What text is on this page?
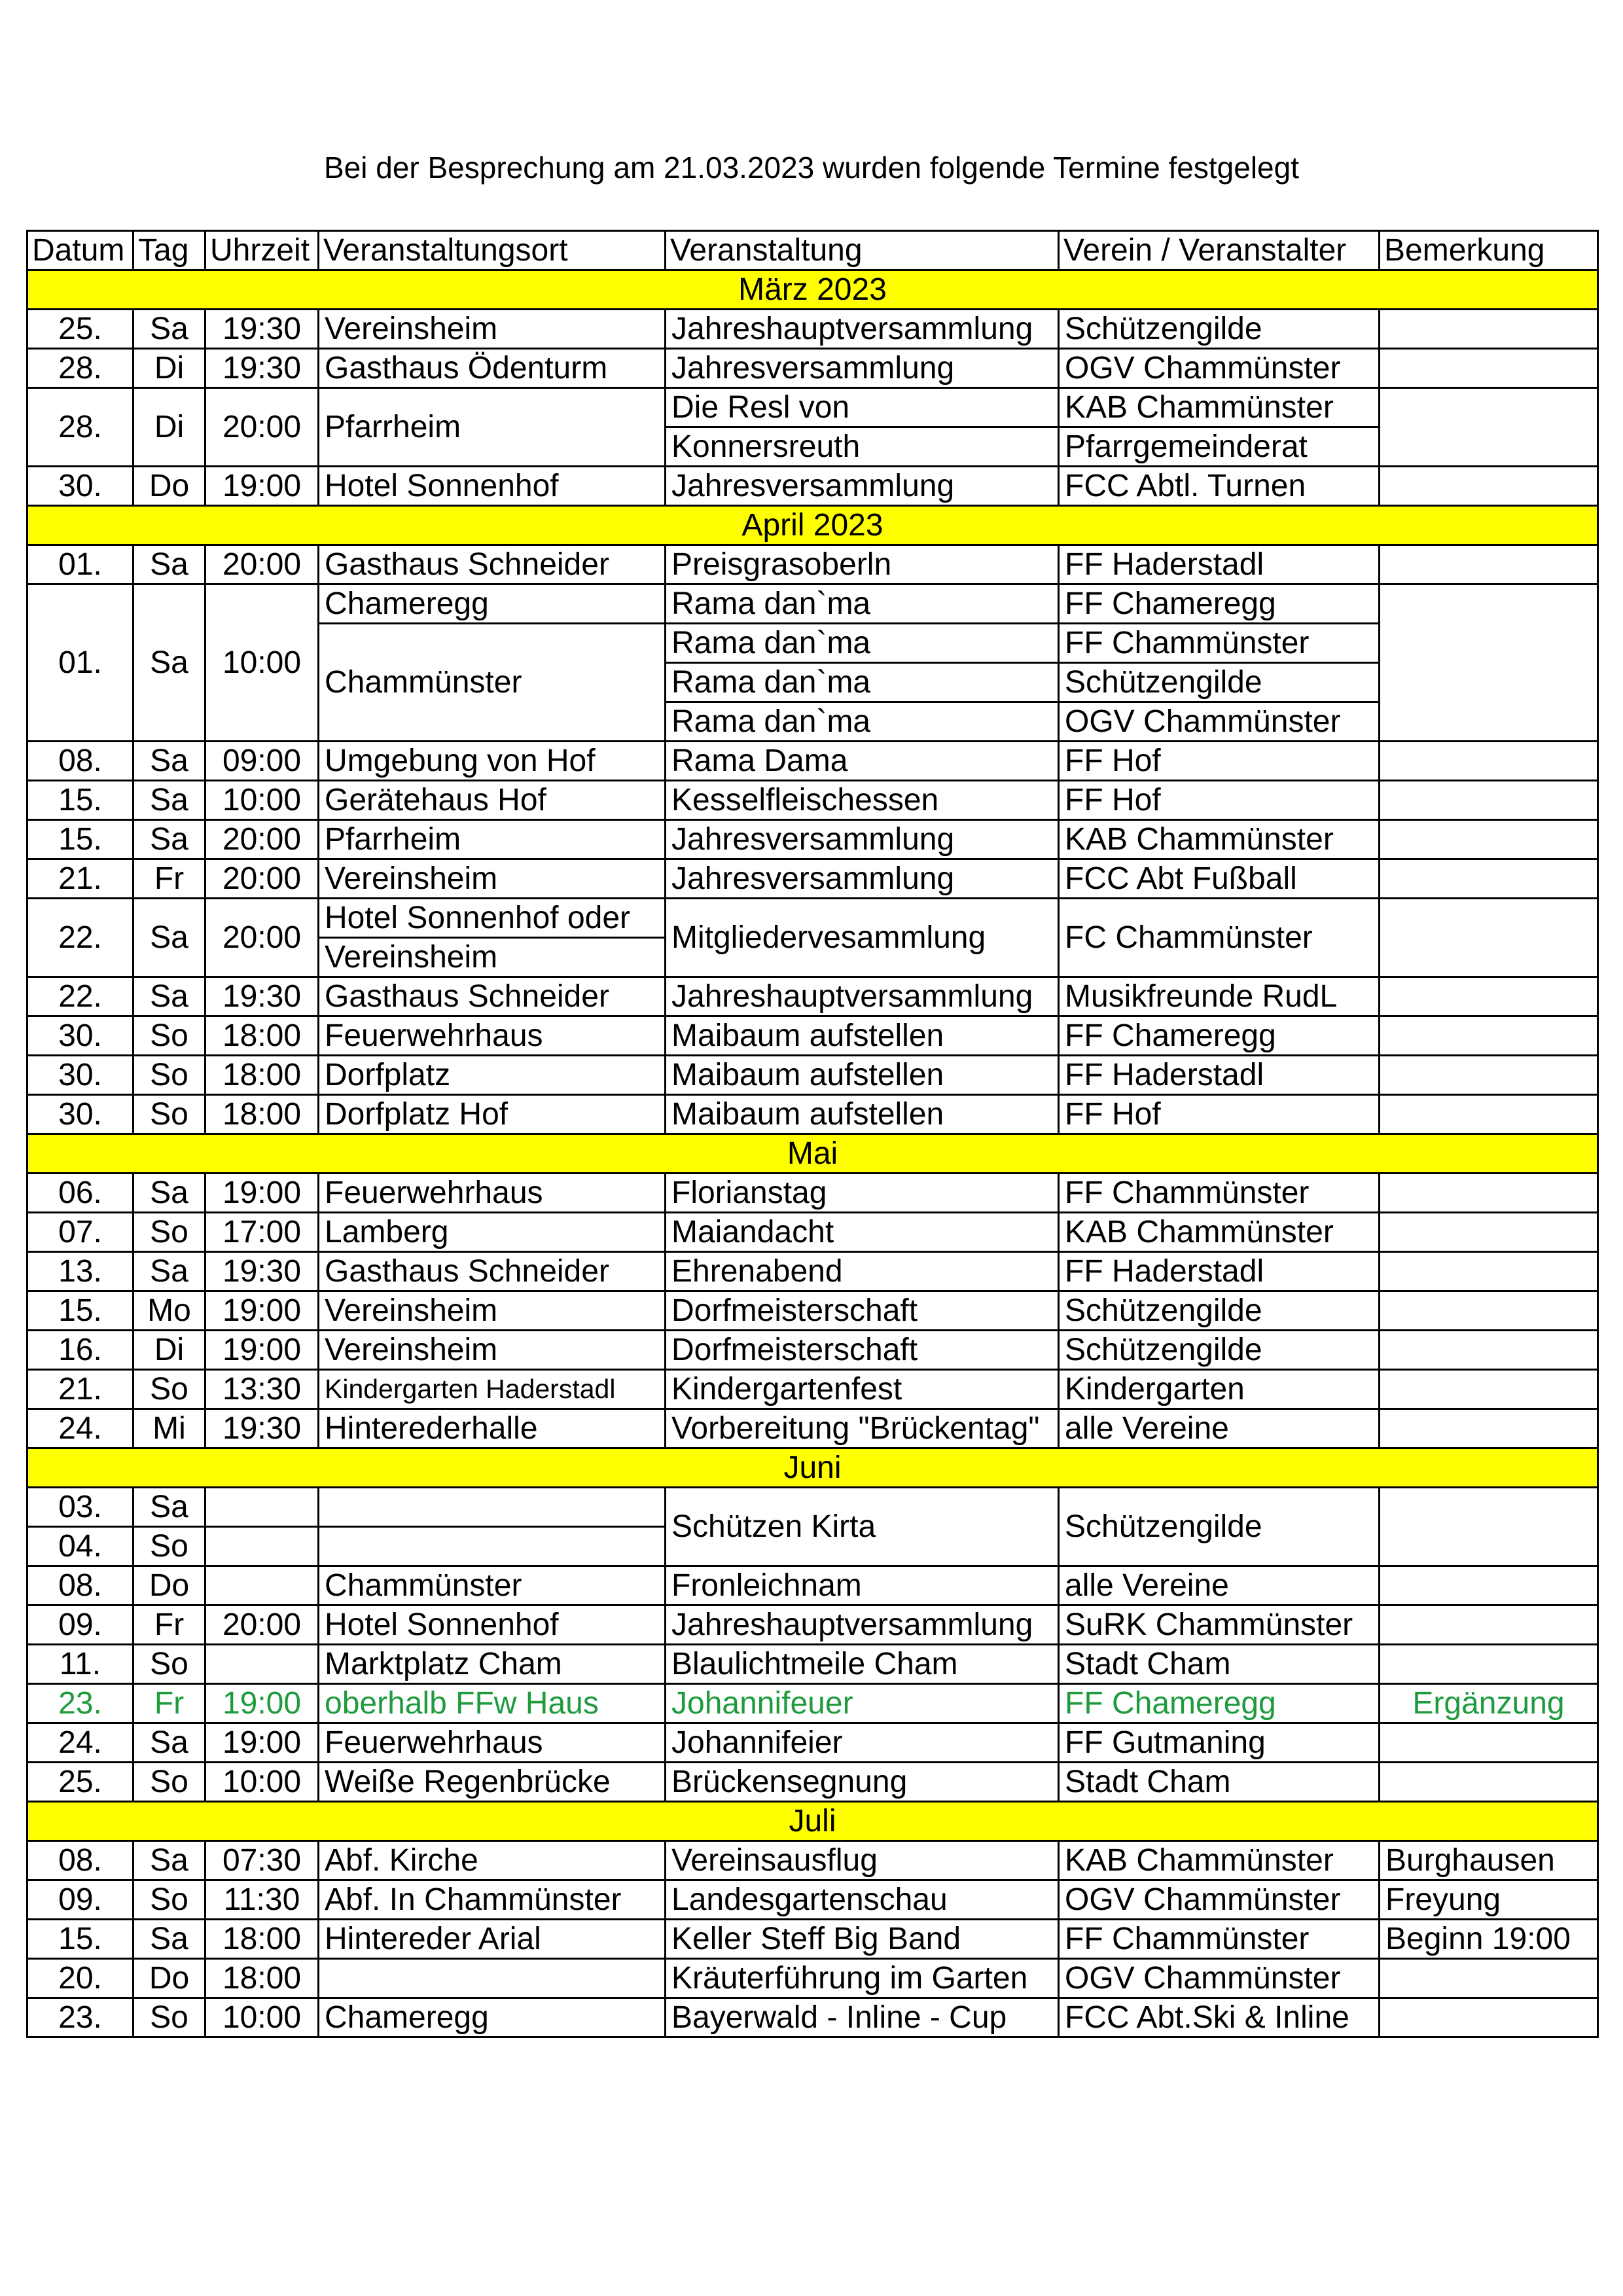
Bei der Besprechung am 21.03.2023 wurden folgende Termine festgelegt
Datum	Tag	Uhrzeit	Veranstaltungsort	Veranstaltung	Verein / Veranstalter	Bemerkung
März 2023						
25.	Sa	19:30	Vereinsheim	Jahreshauptversammlung	Schützengilde	
28.	Di	19:30	Gasthaus Ödenturm	Jahresversammlung	OGV Chammünster	
28.	Di	20:00	Pfarrheim	Die Resl von	KAB Chammünster	
				Konnersreuth	Pfarrgemeinderat	
30.	Do	19:00	Hotel Sonnenhof	Jahresversammlung	FCC Abtl. Turnen	
April 2023						
01.	Sa	20:00	Gasthaus Schneider	Preisgrasoberln	FF Haderstadl	
01.	Sa	10:00	Chameregg	Rama dan`ma	FF Chameregg	
			Chammünster	Rama dan`ma	FF Chammünster	
				Rama dan`ma	Schützengilde	
				Rama dan`ma	OGV Chammünster	
08.	Sa	09:00	Umgebung von Hof	Rama Dama	FF Hof	
15.	Sa	10:00	Gerätehaus Hof	Kesselfleischessen	FF Hof	
15.	Sa	20:00	Pfarrheim	Jahresversammlung	KAB Chammünster	
21.	Fr	20:00	Vereinsheim	Jahresversammlung	FCC Abt Fußball	
22.	Sa	20:00	Hotel Sonnenhof oder	Mitgliedervesammlung	FC Chammünster	
			Vereinsheim			
22.	Sa	19:30	Gasthaus Schneider	Jahreshauptversammlung	Musikfreunde RudL	
30.	So	18:00	Feuerwehrhaus	Maibaum aufstellen	FF Chameregg	
30.	So	18:00	Dorfplatz	Maibaum aufstellen	FF Haderstadl	
30.	So	18:00	Dorfplatz Hof	Maibaum aufstellen	FF Hof	
Mai						
06.	Sa	19:00	Feuerwehrhaus	Florianstag	FF Chammünster	
07.	So	17:00	Lamberg	Maiandacht	KAB Chammünster	
13.	Sa	19:30	Gasthaus Schneider	Ehrenabend	FF Haderstadl	
15.	Mo	19:00	Vereinsheim	Dorfmeisterschaft	Schützengilde	
16.	Di	19:00	Vereinsheim	Dorfmeisterschaft	Schützengilde	
21.	So	13:30	Kindergarten Haderstadl	Kindergartenfest	Kindergarten	
24.	Mi	19:30	Hinterederhalle	Vorbereitung "Brückentag"	alle Vereine	
Juni						
03.	Sa			Schützen Kirta	Schützengilde	
04.	So					
08.	Do		Chammünster	Fronleichnam	alle Vereine	
09.	Fr	20:00	Hotel Sonnenhof	Jahreshauptversammlung	SuRK Chammünster	
11.	So		Marktplatz Cham	Blaulichtmeile Cham	Stadt Cham	
23.	Fr	19:00	oberhalb FFw Haus	Johannifeuer	FF Chameregg	Ergänzung
24.	Sa	19:00	Feuerwehrhaus	Johannifeier	FF Gutmaning	
25.	So	10:00	Weiße Regenbrücke	Brückensegnung	Stadt Cham	
Juli						
08.	Sa	07:30	Abf. Kirche	Vereinsausflug	KAB Chammünster	Burghausen
09.	So	11:30	Abf. In Chammünster	Landesgartenschau	OGV Chammünster	Freyung
15.	Sa	18:00	Hintereder Arial	Keller Steff Big Band	FF Chammünster	Beginn 19:00
20.	Do	18:00		Kräuterführung im Garten	OGV Chammünster	
23.	So	10:00	Chameregg	Bayerwald - Inline - Cup	FCC Abt.Ski & Inline	
